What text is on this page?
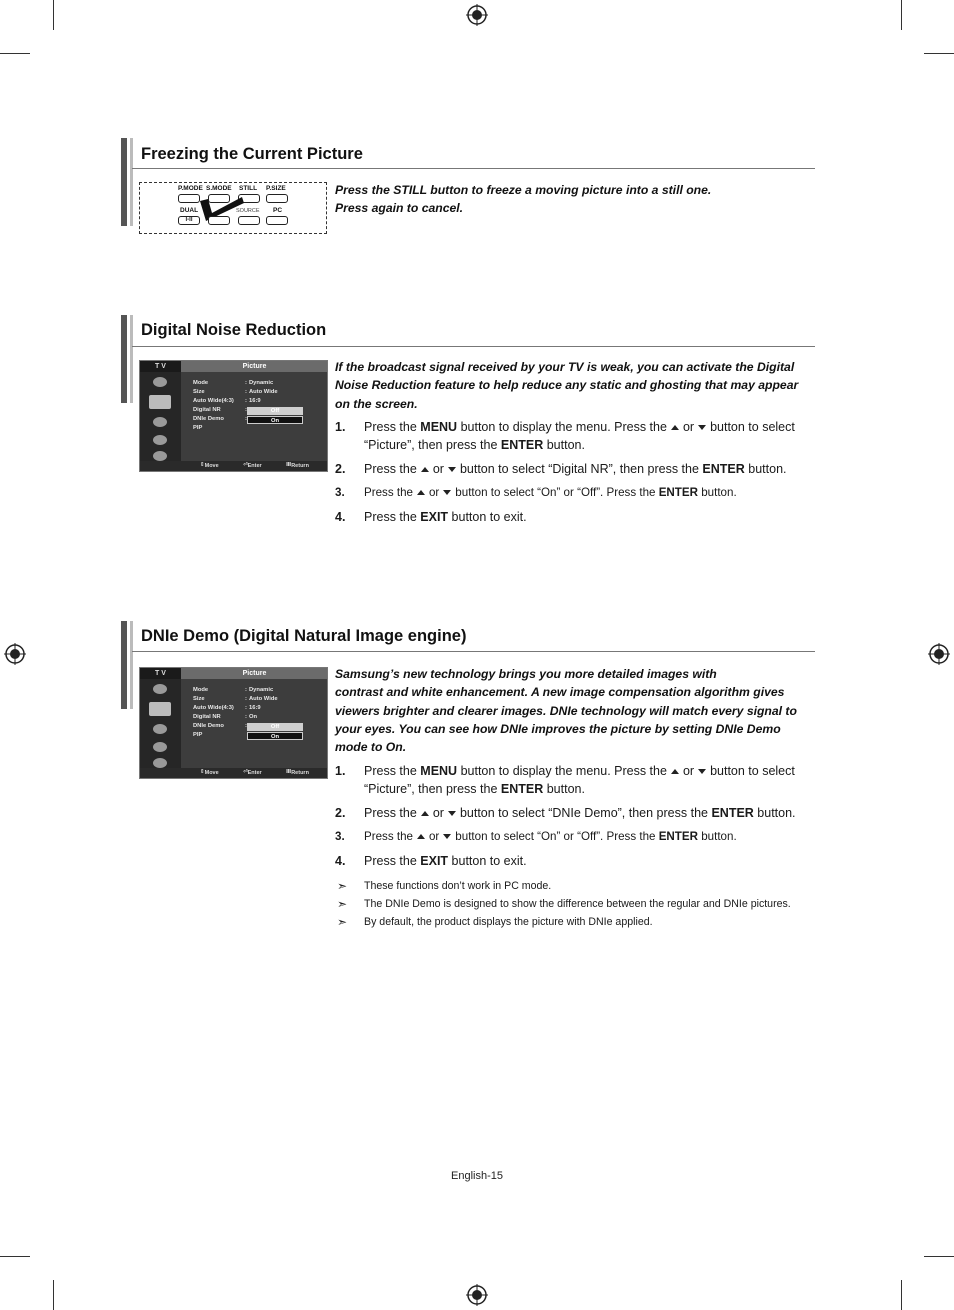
Freezing the Current Picture
P.MODE S.MODE STILL P.SIZE
DUAL
I-II
SOURCE PC
Press the STILL button to freeze a moving picture into a still one.
Press again to cancel.
Digital Noise Reduction
T V	Picture
Mode	: Dynamic
Size	: Auto Wide
Auto Wide(4:3) : 16:9
Digital NR	:
DNIe Demo	:
PIP
Off
On
⇕ Move	⏎ Enter	Ⅲ Return
If the broadcast signal received by your TV is weak, you can activate the Digital Noise Reduction feature to help reduce any static and ghosting that may appear on the screen.
1. Press the MENU button to display the menu. Press the or button to select “Picture”, then press the ENTER button.
2. Press the or button to select “Digital NR”, then press the ENTER button.
3. Press the or button to select “On” or “Off”. Press the ENTER button.
4. Press the EXIT button to exit.
DNIe Demo (Digital Natural Image engine)
T V	Picture
Mode	: Dynamic
Size	: Auto Wide
Auto Wide(4:3) : 16:9
Digital NR	: On
DNIe Demo	:
PIP
Off
On
⇕ Move	⏎ Enter	Ⅲ Return
Samsung’s new technology brings you more detailed images with
contrast and white enhancement. A new image compensation algorithm gives viewers brighter and clearer images. DNIe technology will match every signal to your eyes. You can see how DNIe improves the picture by setting DNIe Demo mode to On.
1. Press the MENU button to display the menu. Press the or button to select “Picture”, then press the ENTER button.
2. Press the or button to select “DNIe Demo”, then press the ENTER button.
3. Press the or button to select “On” or “Off”. Press the ENTER button.
4. Press the EXIT button to exit.
➣ These functions don’t work in PC mode.
➣ The DNIe Demo is designed to show the difference between the regular and DNIe pictures.
➣ By default, the product displays the picture with DNIe applied.
English-15
